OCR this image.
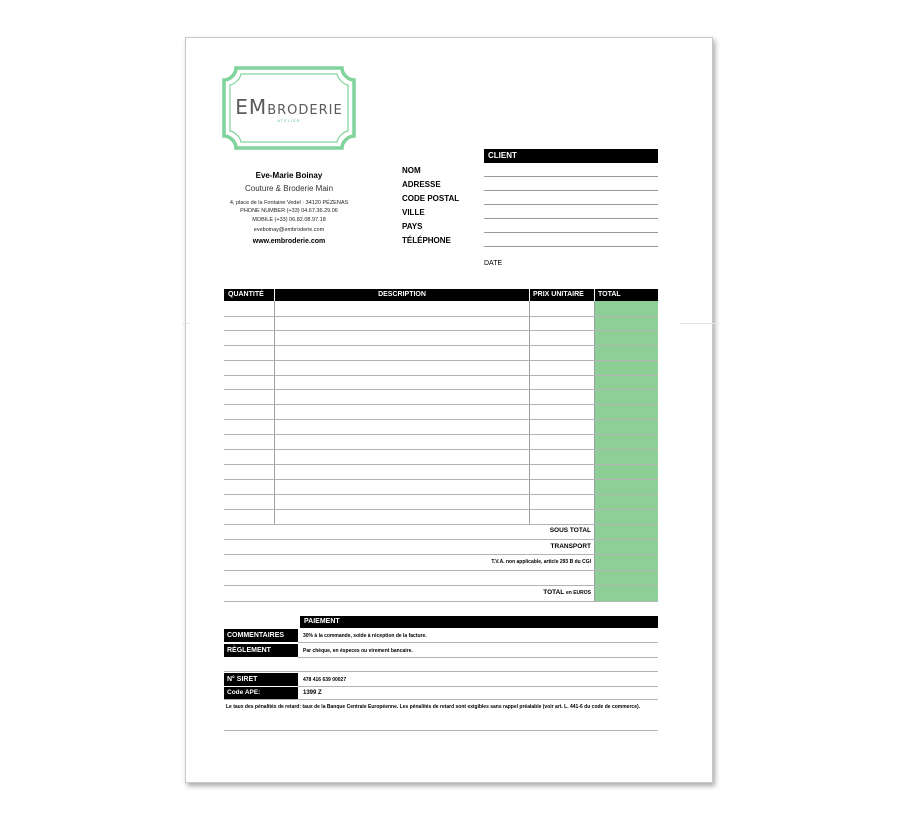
EMBRODERIE
ATELIER
Eve-Marie Boinay
Couture & Broderie Main
4, place de la Fontaine Vedel · 34120 PÉZENAS
PHONE NUMBER (+33) 04.67.36.29.06
MOBILE (+33) 06.82.08.97.18
eveboinay@embroderie.com
www.embroderie.com
NOM
ADRESSE
CODE POSTAL
VILLE
PAYS
TÉLÉPHONE
CLIENT
DATE
QUANTITÉ	DESCRIPTION	PRIX UNITAIRE	TOTAL
SOUS TOTAL
TRANSPORT
T.V.A. non applicable, article 293 B du CGI
TOTAL en EUROS
PAIEMENT
COMMENTAIRES	30% à la commande, solde à réception de la facture.
RÈGLEMENT	Par chèque, en éspeces ou virement bancaire.
N° SIRET	478 416 639 00027
Code APE:	1399 Z
Le taux des pénalités de retard: taux de la Banque Centrale Européenne. Les pénalités de retard sont exigibles sans rappel préalable (voir art. L. 441-6 du code de commerce).
